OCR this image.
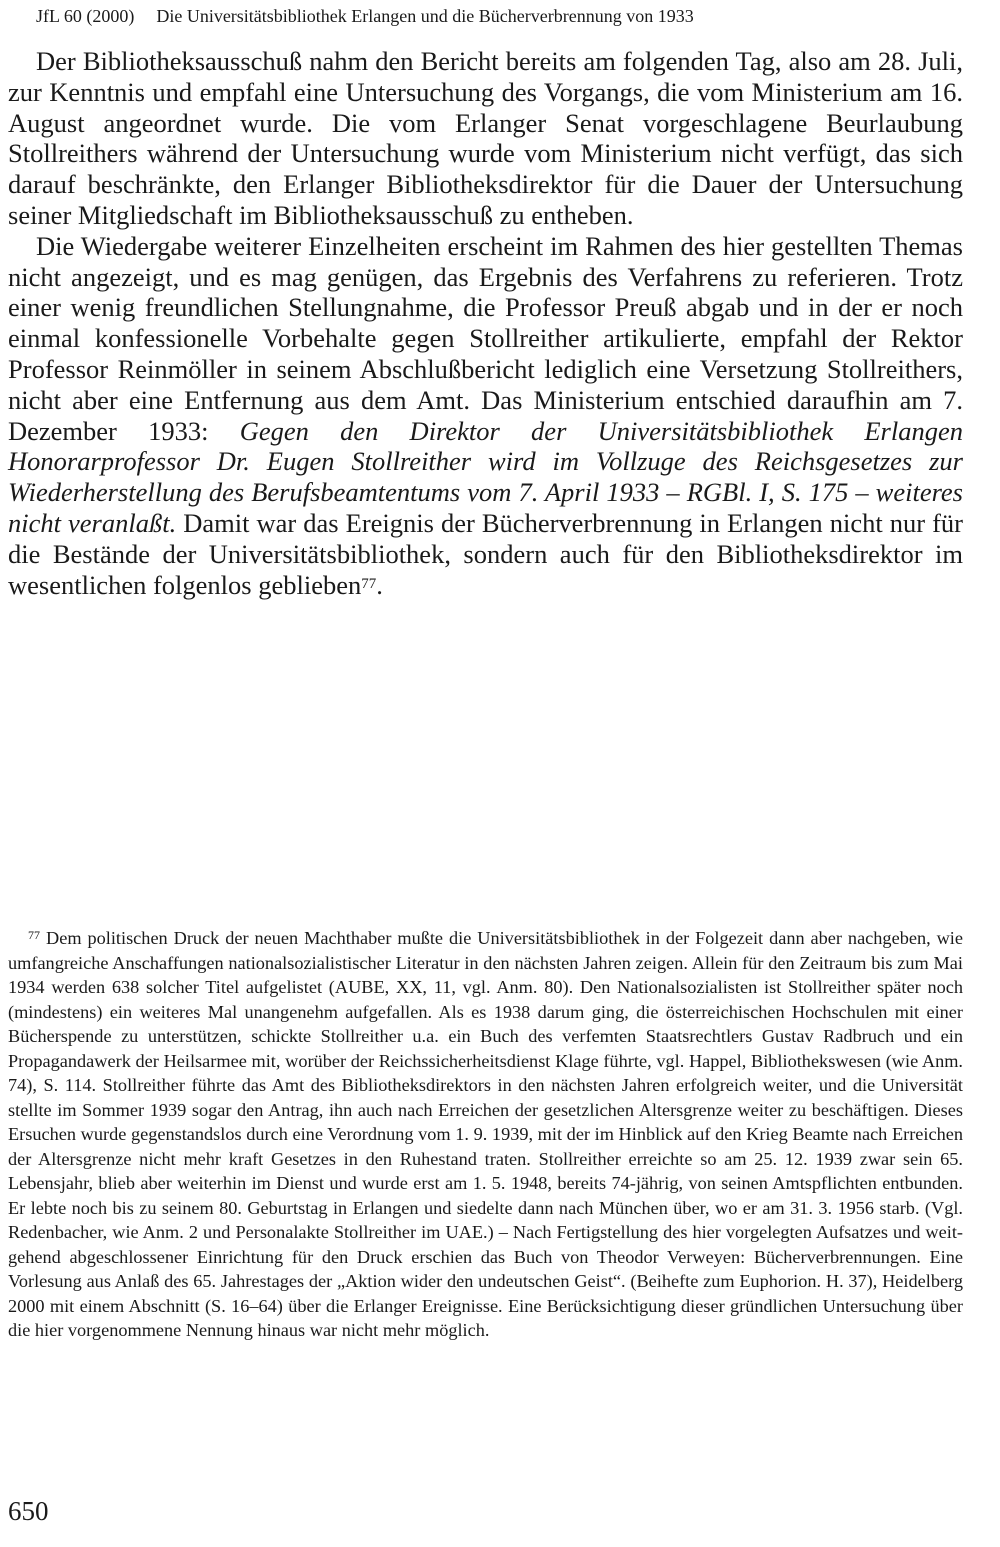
JfL 60 (2000) Die Universitätsbibliothek Erlangen und die Bücherverbrennung von 1933

Der Bibliotheksausschuß nahm den Bericht bereits am folgenden Tag, also am 28. Juli, zur Kenntnis und empfahl eine Untersuchung des Vorgangs, die vom Ministerium am 16. August angeordnet wurde. Die vom Erlanger Senat vorgeschlagene Beurlaubung Stollreithers während der Untersuchung wurde vom Ministerium nicht verfügt, das sich darauf beschränkte, den Erlanger Bibliotheksdirektor für die Dauer der Untersuchung seiner Mitgliedschaft im Bibliotheksausschuß zu entheben.

Die Wiedergabe weiterer Einzelheiten erscheint im Rahmen des hier gestellten Themas nicht angezeigt, und es mag genügen, das Ergebnis des Verfahrens zu referieren. Trotz einer wenig freundlichen Stellungnahme, die Professor Preuß abgab und in der er noch einmal konfessionelle Vorbehalte gegen Stollreither artikulierte, empfahl der Rektor Professor Reinmöller in seinem Abschlußbericht lediglich eine Versetzung Stollreithers, nicht aber eine Entfernung aus dem Amt. Das Ministerium entschied daraufhin am 7. Dezember 1933: Gegen den Direktor der Universitätsbibliothek Erlangen Honorarprofessor Dr. Eugen Stollreither wird im Vollzuge des Reichsgesetzes zur Wiederherstellung des Berufsbeamtentums vom 7. April 1933 – RGBl. I, S. 175 – weiteres nicht veranlaßt. Damit war das Ereignis der Bücherverbrennung in Erlangen nicht nur für die Bestände der Universitätsbibliothek, sondern auch für den Bibliotheksdirektor im wesentlichen folgenlos geblieben$^{77}$.

$^{77}$ Dem politischen Druck der neuen Machthaber mußte die Universitätsbibliothek in der Folgezeit dann aber nachgeben, wie umfangreiche Anschaffungen nationalsozialistischer Literatur in den nächsten Jahren zeigen. Allein für den Zeitraum bis zum Mai 1934 werden 638 solcher Titel aufgelistet (AUBE, XX, 11, vgl. Anm. 80). Den Nationalsozialisten ist Stollreither später noch (mindestens) ein weiteres Mal unangenehm aufgefallen. Als es 1938 darum ging, die österreichischen Hochschulen mit einer Bücherspende zu unterstützen, schickte Stollreither u.a. ein Buch des verfemten Staatsrechtlers Gustav Radbruch und ein Propagandawerk der Heilsarmee mit, worüber der Reichssicherheitsdienst Klage führte, vgl. Happel, Bibliothekswesen (wie Anm. 74), S. 114. Stollreither führte das Amt des Bibliotheksdirektors in den nächsten Jahren erfolgreich weiter, und die Universität stellte im Sommer 1939 sogar den Antrag, ihn auch nach Erreichen der gesetzlichen Altersgrenze weiter zu beschäftigen. Dieses Ersuchen wurde gegenstandslos durch eine Verordnung vom 1. 9. 1939, mit der im Hinblick auf den Krieg Beamte nach Erreichen der Altersgrenze nicht mehr kraft Gesetzes in den Ruhestand traten. Stollreither erreichte so am 25. 12. 1939 zwar sein 65. Lebensjahr, blieb aber weiterhin im Dienst und wurde erst am 1. 5. 1948, bereits 74-jährig, von seinen Amtspflichten entbunden. Er lebte noch bis zu seinem 80. Geburtstag in Erlangen und siedelte dann nach München über, wo er am 31. 3. 1956 starb. (Vgl. Redenbacher, wie Anm. 2 und Personalakte Stollreither im UAE.) – Nach Fertigstellung des hier vorgelegten Aufsatzes und weitgehend abgeschlossener Einrichtung für den Druck erschien das Buch von Theodor Verweyen: Bücherverbrennungen. Eine Vorlesung aus Anlaß des 65. Jahrestages der „Aktion wider den undeutschen Geist“. (Beihefte zum Euphorion. H. 37), Heidelberg 2000 mit einem Abschnitt (S. 16–64) über die Erlanger Ereignisse. Eine Berücksichtigung dieser gründlichen Untersuchung über die hier vorgenommene Nennung hinaus war nicht mehr möglich.

650
